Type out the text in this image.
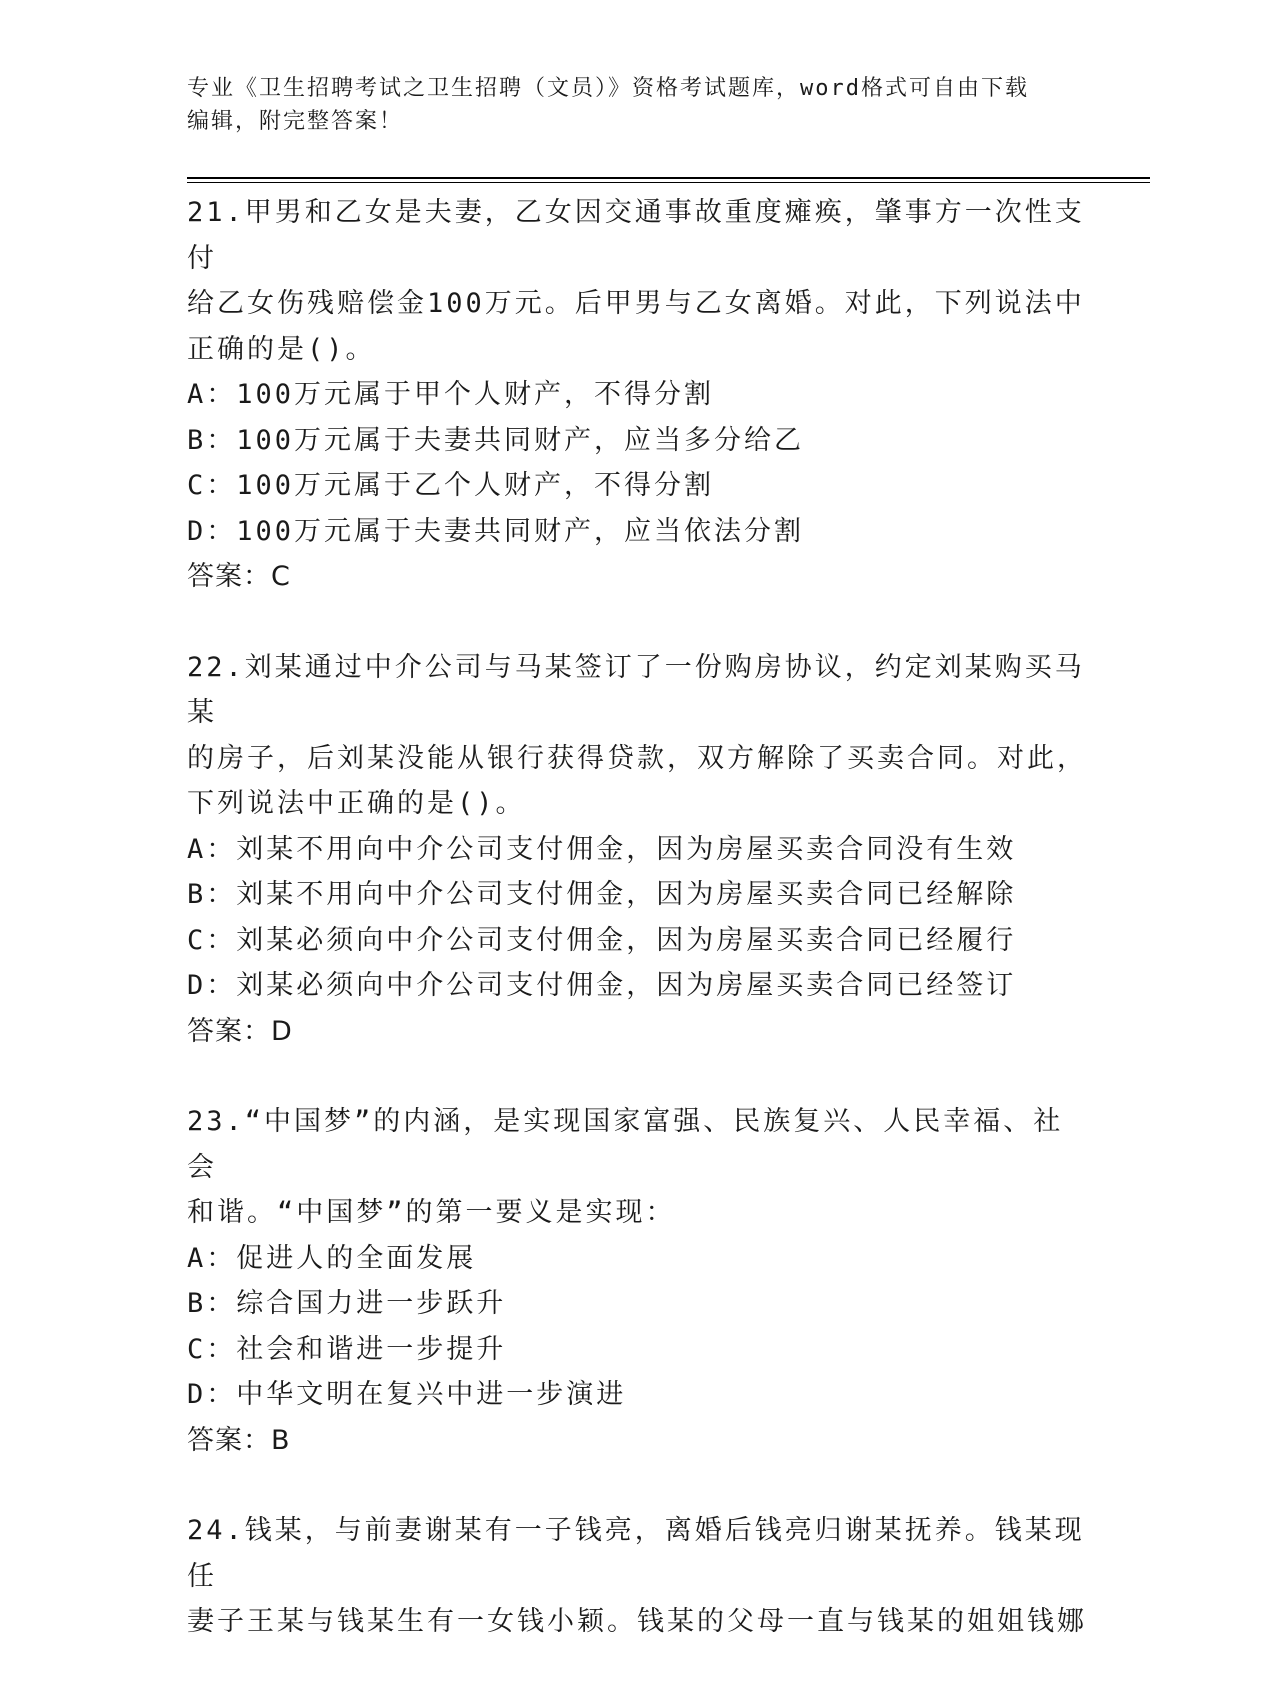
专业《卫生招聘考试之卫生招聘（文员）》资格考试题库，word格式可自由下载
编辑，附完整答案！
21.甲男和乙女是夫妻，乙女因交通事故重度瘫痪，肇事方一次性支付
给乙女伤残赔偿金100万元。后甲男与乙女离婚。对此，下列说法中
正确的是()。
A：100万元属于甲个人财产，不得分割
B：100万元属于夫妻共同财产，应当多分给乙
C：100万元属于乙个人财产，不得分割
D：100万元属于夫妻共同财产，应当依法分割
答案：C
22.刘某通过中介公司与马某签订了一份购房协议，约定刘某购买马某
的房子，后刘某没能从银行获得贷款，双方解除了买卖合同。对此，
下列说法中正确的是()。
A：刘某不用向中介公司支付佣金，因为房屋买卖合同没有生效
B：刘某不用向中介公司支付佣金，因为房屋买卖合同已经解除
C：刘某必须向中介公司支付佣金，因为房屋买卖合同已经履行
D：刘某必须向中介公司支付佣金，因为房屋买卖合同已经签订
答案：D
23.“中国梦”的内涵，是实现国家富强、民族复兴、人民幸福、社会
和谐。“中国梦”的第一要义是实现：
A：促进人的全面发展
B：综合国力进一步跃升
C：社会和谐进一步提升
D：中华文明在复兴中进一步演进
答案：B
24.钱某，与前妻谢某有一子钱亮，离婚后钱亮归谢某抚养。钱某现任
妻子王某与钱某生有一女钱小颖。钱某的父母一直与钱某的姐姐钱娜
